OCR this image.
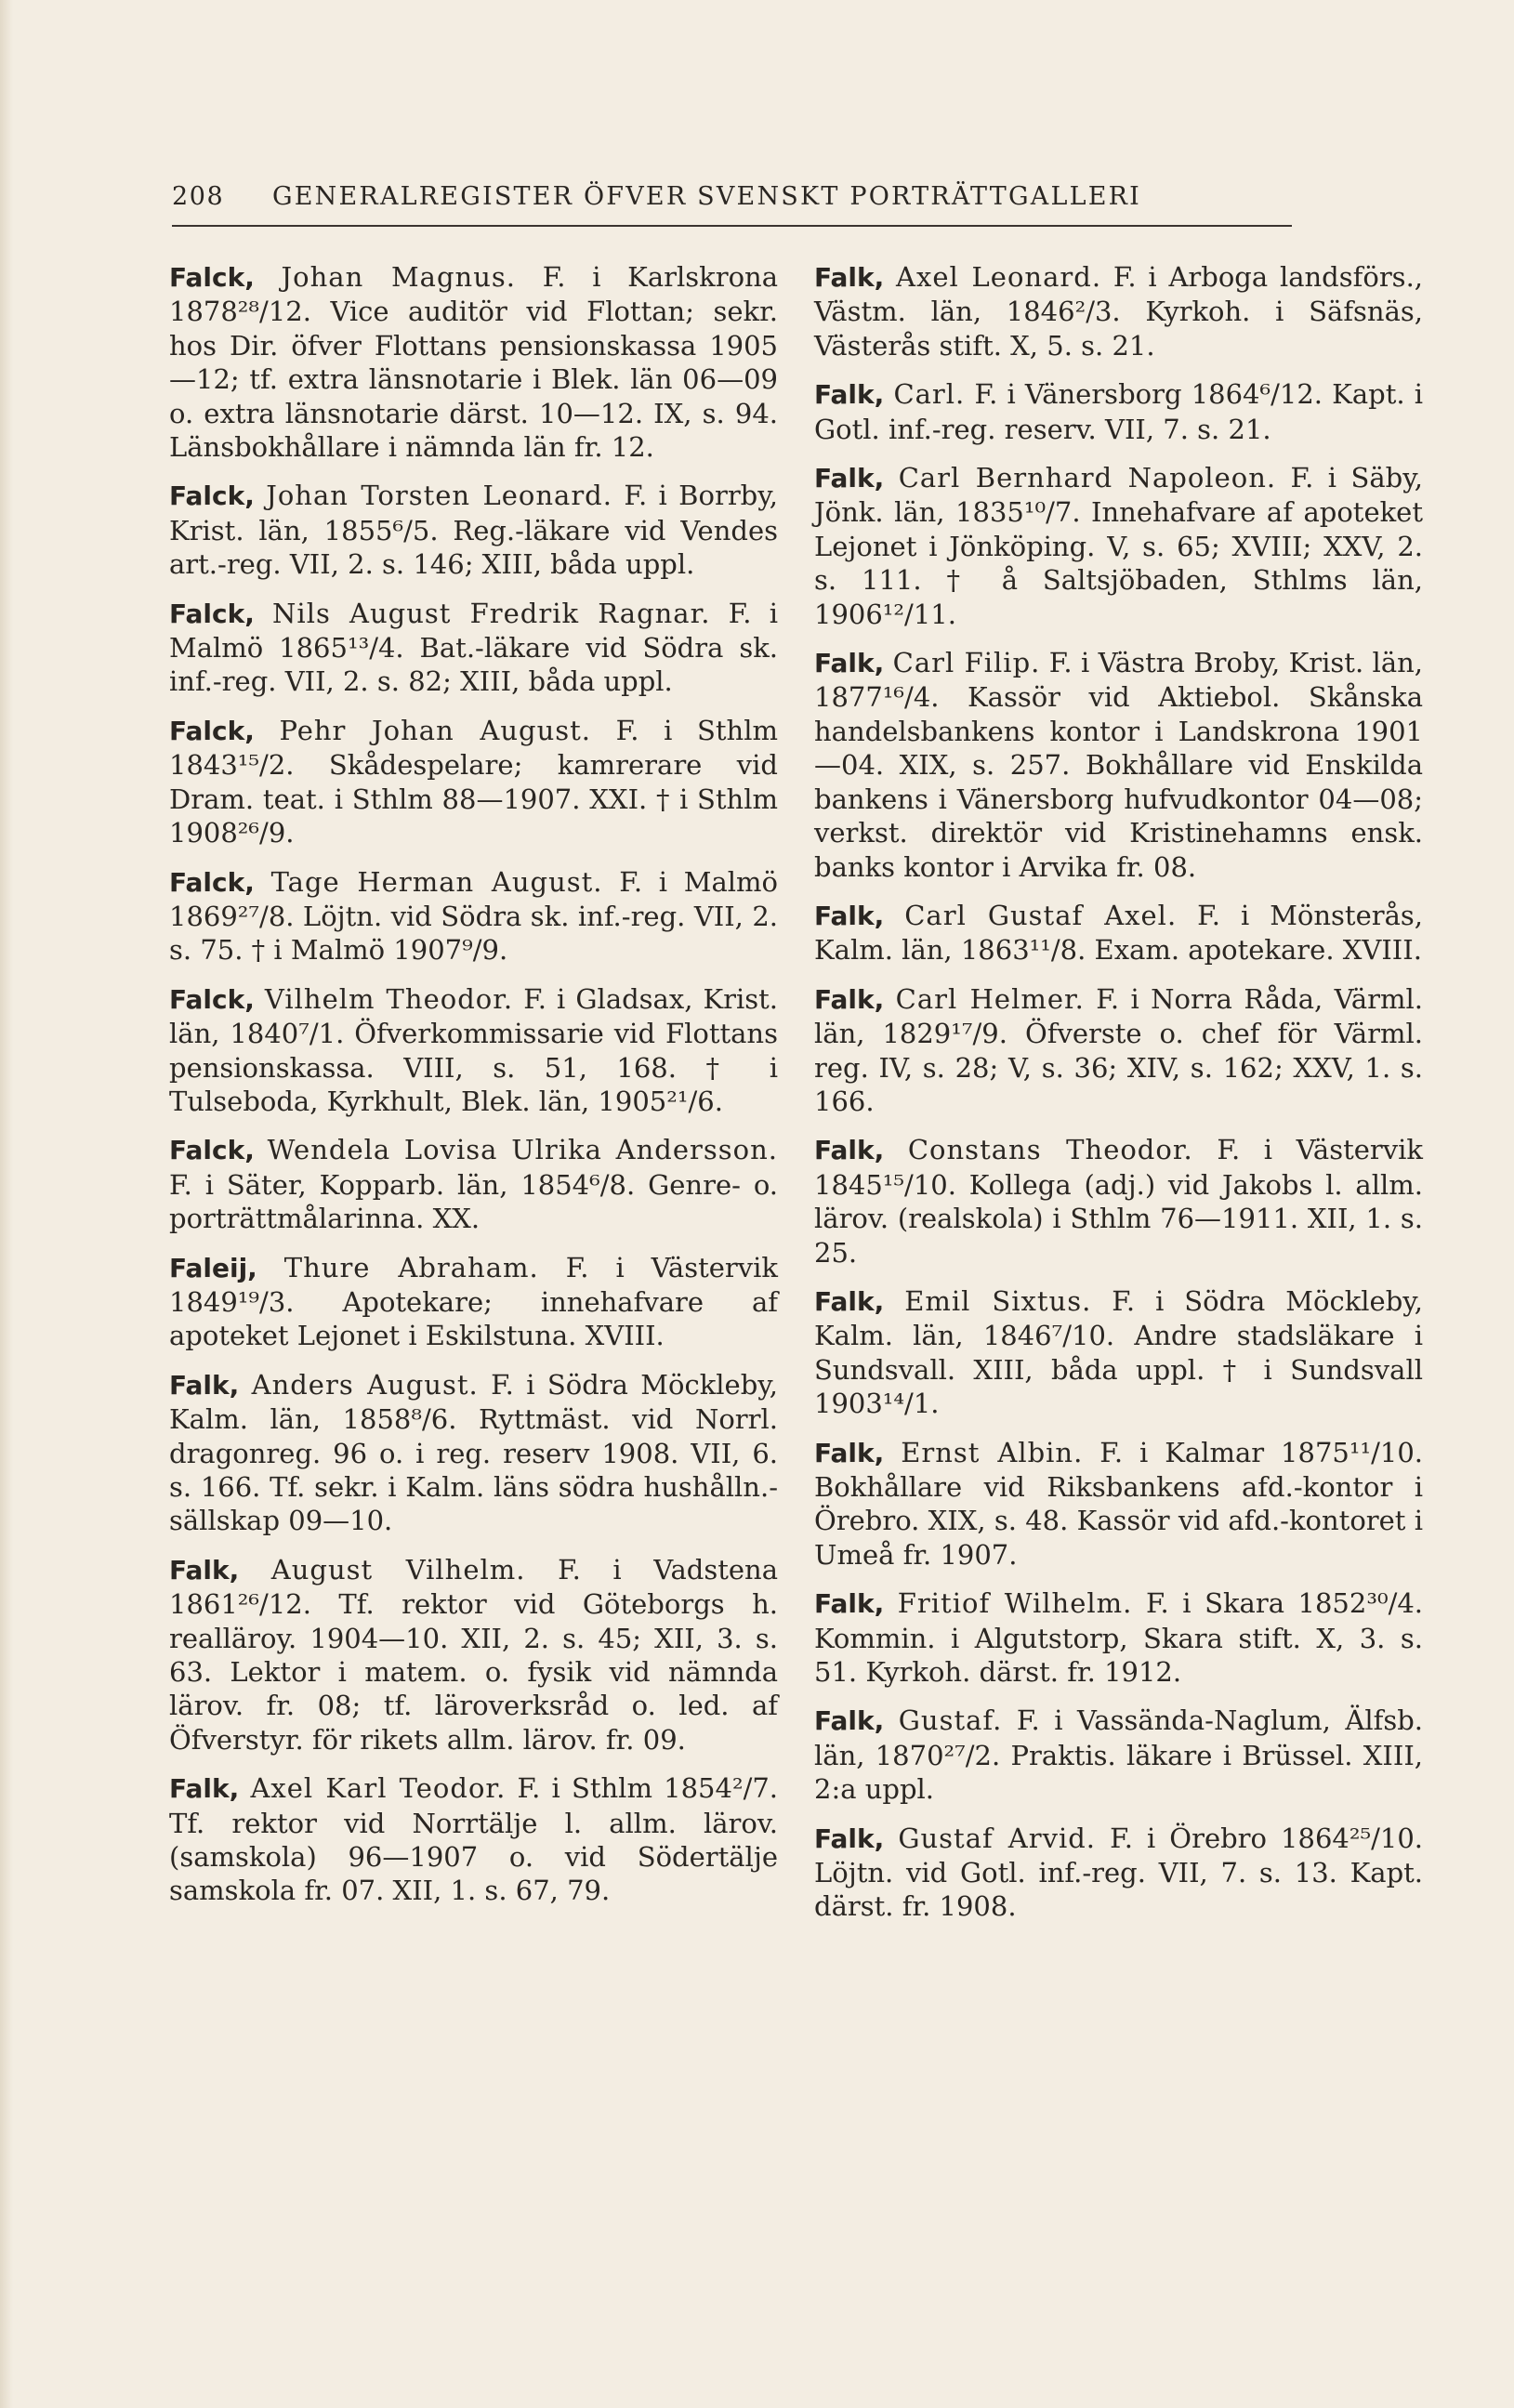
208	GENERALREGISTER ÖFVER SVENSKT PORTRÄTTGALLERI

Falck, Johan Magnus. F. i Karlskrona 1878²⁸/12. Vice auditör vid Flottan; sekr. hos Dir. öfver Flottans pensionskassa 1905—12; tf. extra länsnotarie i Blek. län 06—09 o. extra länsnotarie därst. 10—12. IX, s. 94. Länsbokhållare i nämnda län fr. 12.

Falck, Johan Torsten Leonard. F. i Borrby, Krist. län, 1855⁶/5. Reg.-läkare vid Vendes art.-reg. VII, 2. s. 146; XIII, båda uppl.

Falck, Nils August Fredrik Ragnar. F. i Malmö 1865¹³/4. Bat.-läkare vid Södra sk. inf.-reg. VII, 2. s. 82; XIII, båda uppl.

Falck, Pehr Johan August. F. i Sthlm 1843¹⁵/2. Skådespelare; kamrerare vid Dram. teat. i Sthlm 88—1907. XXI. † i Sthlm 1908²⁶/9.

Falck, Tage Herman August. F. i Malmö 1869²⁷/8. Löjtn. vid Södra sk. inf.-reg. VII, 2. s. 75. † i Malmö 1907⁹/9.

Falck, Vilhelm Theodor. F. i Gladsax, Krist. län, 1840⁷/1. Öfverkommissarie vid Flottans pensionskassa. VIII, s. 51, 168. † i Tulseboda, Kyrkhult, Blek. län, 1905²¹/6.

Falck, Wendela Lovisa Ulrika Andersson. F. i Säter, Kopparb. län, 1854⁶/8. Genre- o. porträttmålarinna. XX.

Faleij, Thure Abraham. F. i Västervik 1849¹⁹/3. Apotekare; innehafvare af apoteket Lejonet i Eskilstuna. XVIII.

Falk, Anders August. F. i Södra Möckleby, Kalm. län, 1858⁸/6. Ryttmäst. vid Norrl. dragonreg. 96 o. i reg. reserv 1908. VII, 6. s. 166. Tf. sekr. i Kalm. läns södra hushålln.-sällskap 09—10.

Falk, August Vilhelm. F. i Vadstena 1861²⁶/12. Tf. rektor vid Göteborgs h. realläroy. 1904—10. XII, 2. s. 45; XII, 3. s. 63. Lektor i matem. o. fysik vid nämnda lärov. fr. 08; tf. läroverksråd o. led. af Öfverstyr. för rikets allm. lärov. fr. 09.

Falk, Axel Karl Teodor. F. i Sthlm 1854²/7. Tf. rektor vid Norrtälje l. allm. lärov. (samskola) 96—1907 o. vid Södertälje samskola fr. 07. XII, 1. s. 67, 79.

Falk, Axel Leonard. F. i Arboga landsförs., Västm. län, 1846²/3. Kyrkoh. i Säfsnäs, Västerås stift. X, 5. s. 21.

Falk, Carl. F. i Vänersborg 1864⁶/12. Kapt. i Gotl. inf.-reg. reserv. VII, 7. s. 21.

Falk, Carl Bernhard Napoleon. F. i Säby, Jönk. län, 1835¹⁰/7. Innehafvare af apoteket Lejonet i Jönköping. V, s. 65; XVIII; XXV, 2. s. 111. † å Saltsjöbaden, Sthlms län, 1906¹²/11.

Falk, Carl Filip. F. i Västra Broby, Krist. län, 1877¹⁶/4. Kassör vid Aktiebol. Skånska handelsbankens kontor i Landskrona 1901—04. XIX, s. 257. Bokhållare vid Enskilda bankens i Vänersborg hufvudkontor 04—08; verkst. direktör vid Kristinehamns ensk. banks kontor i Arvika fr. 08.

Falk, Carl Gustaf Axel. F. i Mönsterås, Kalm. län, 1863¹¹/8. Exam. apotekare. XVIII.

Falk, Carl Helmer. F. i Norra Råda, Värml. län, 1829¹⁷/9. Öfverste o. chef för Värml. reg. IV, s. 28; V, s. 36; XIV, s. 162; XXV, 1. s. 166.

Falk, Constans Theodor. F. i Västervik 1845¹⁵/10. Kollega (adj.) vid Jakobs l. allm. lärov. (realskola) i Sthlm 76—1911. XII, 1. s. 25.

Falk, Emil Sixtus. F. i Södra Möckleby, Kalm. län, 1846⁷/10. Andre stadsläkare i Sundsvall. XIII, båda uppl. † i Sundsvall 1903¹⁴/1.

Falk, Ernst Albin. F. i Kalmar 1875¹¹/10. Bokhållare vid Riksbankens afd.-kontor i Örebro. XIX, s. 48. Kassör vid afd.-kontoret i Umeå fr. 1907.

Falk, Fritiof Wilhelm. F. i Skara 1852³⁰/4. Kommin. i Algutstorp, Skara stift. X, 3. s. 51. Kyrkoh. därst. fr. 1912.

Falk, Gustaf. F. i Vassända-Naglum, Älfsb. län, 1870²⁷/2. Praktis. läkare i Brüssel. XIII, 2:a uppl.

Falk, Gustaf Arvid. F. i Örebro 1864²⁵/10. Löjtn. vid Gotl. inf.-reg. VII, 7. s. 13. Kapt. därst. fr. 1908.
